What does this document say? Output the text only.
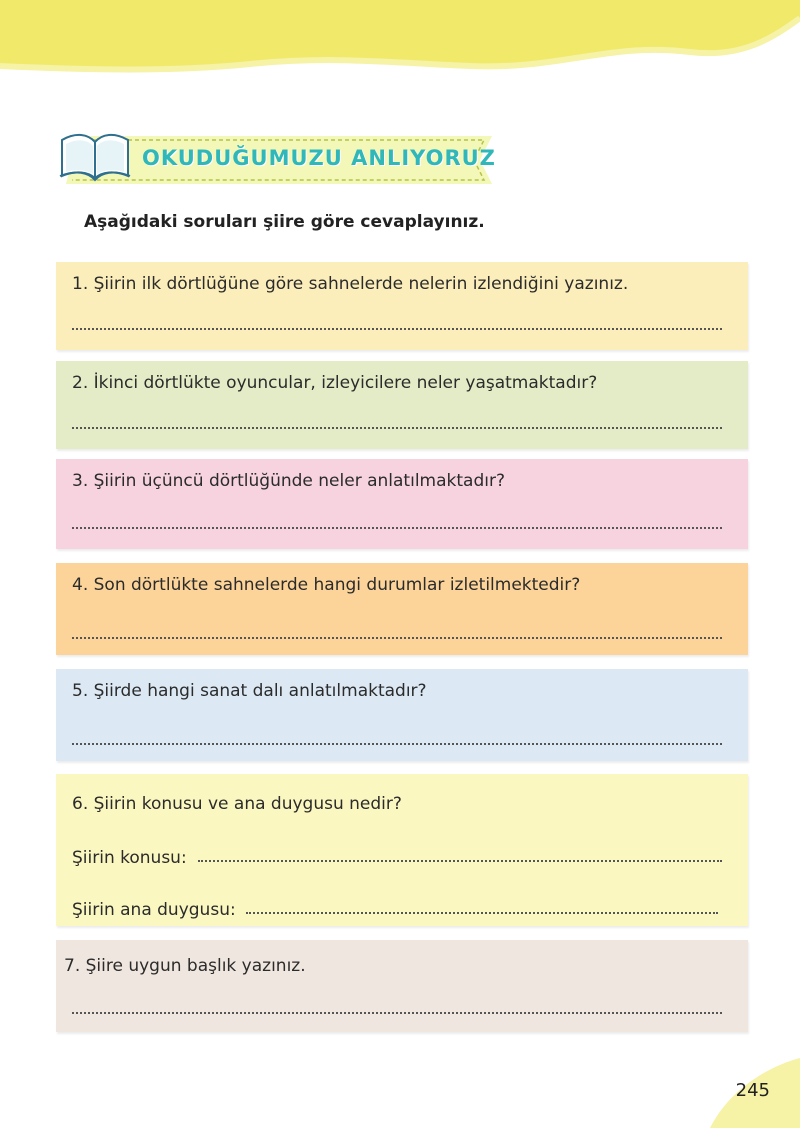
OKUDUĞUMUZU ANLIYORUZ
Aşağıdaki soruları şiire göre cevaplayınız.
1. Şiirin ilk dörtlüğüne göre sahnelerde nelerin izlendiğini yazınız.
2. İkinci dörtlükte oyuncular, izleyicilere neler yaşatmaktadır?
3. Şiirin üçüncü dörtlüğünde neler anlatılmaktadır?
4. Son dörtlükte sahnelerde hangi durumlar izletilmektedir?
5. Şiirde hangi sanat dalı anlatılmaktadır?
6. Şiirin konusu ve ana duygusu nedir?
Şiirin konusu:
Şiirin ana duygusu:
7. Şiire uygun başlık yazınız.
245
